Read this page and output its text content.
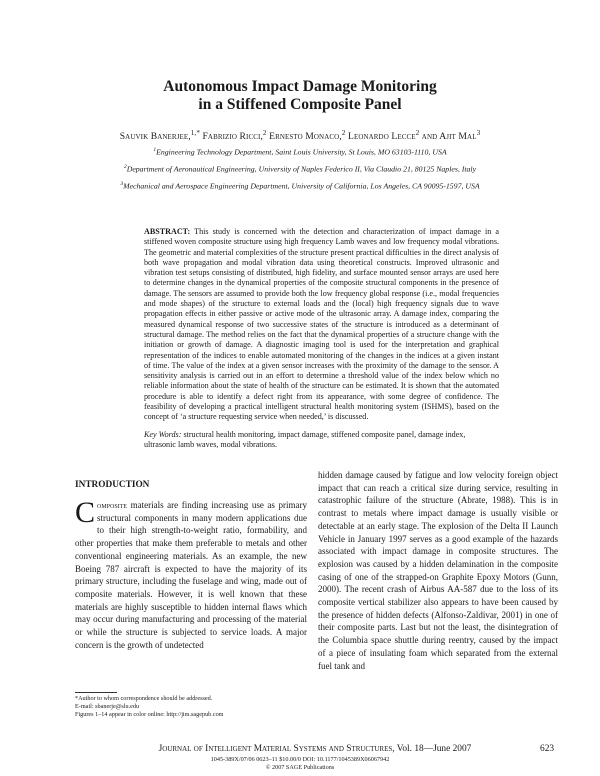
Autonomous Impact Damage Monitoring
in a Stiffened Composite Panel
Sauvik Banerjee,$^{1,*}$ Fabrizio Ricci,$^2$ Ernesto Monaco,$^2$ Leonardo Lecce$^2$ and Ajit Mal$^3$
$^1$Engineering Technology Department, Saint Louis University, St Louis, MO 63103-1110, USA
$^2$Department of Aeronautical Engineering, University of Naples Federico II, Via Claudio 21, 80125 Naples, Italy
$^3$Mechanical and Aerospace Engineering Department, University of California, Los Angeles, CA 90095-1597, USA
ABSTRACT: This study is concerned with the detection and characterization of impact damage in a stiffened woven composite structure using high frequency Lamb waves and low frequency modal vibrations. The geometric and material complexities of the structure present practical difficulties in the direct analysis of both wave propagation and modal vibration data using theoretical constructs. Improved ultrasonic and vibration test setups consisting of distributed, high fidelity, and surface mounted sensor arrays are used here to determine changes in the dynamical properties of the composite structural components in the presence of damage. The sensors are assumed to provide both the low frequency global response (i.e., modal frequencies and mode shapes) of the structure to external loads and the (local) high frequency signals due to wave propagation effects in either passive or active mode of the ultrasonic array. A damage index, comparing the measured dynamical response of two successive states of the structure is introduced as a determinant of structural damage. The method relies on the fact that the dynamical properties of a structure change with the initiation or growth of damage. A diagnostic imaging tool is used for the interpretation and graphical representation of the indices to enable automated monitoring of the changes in the indices at a given instant of time. The value of the index at a given sensor increases with the proximity of the damage to the sensor. A sensitivity analysis is carried out in an effort to determine a threshold value of the index below which no reliable information about the state of health of the structure can be estimated. It is shown that the automated procedure is able to identify a defect right from its appearance, with some degree of confidence. The feasibility of developing a practical intelligent structural health monitoring system (ISHMS), based on the concept of ‘a structure requesting service when needed,’ is discussed.
Key Words: structural health monitoring, impact damage, stiffened composite panel, damage index, ultrasonic lamb waves, modal vibrations.
INTRODUCTION
Composite materials are finding increasing use as primary structural components in many modern applications due to their high strength-to-weight ratio, formability, and other properties that make them preferable to metals and other conventional engineering materials. As an example, the new Boeing 787 aircraft is expected to have the majority of its primary structure, including the fuselage and wing, made out of composite materials. However, it is well known that these materials are highly susceptible to hidden internal flaws which may occur during manufacturing and processing of the material or while the structure is subjected to service loads. A major concern is the growth of undetected
hidden damage caused by fatigue and low velocity foreign object impact that can reach a critical size during service, resulting in catastrophic failure of the structure (Abrate, 1988). This is in contrast to metals where impact damage is usually visible or detectable at an early stage. The explosion of the Delta II Launch Vehicle in January 1997 serves as a good example of the hazards associated with impact damage in composite structures. The explosion was caused by a hidden delamination in the composite casing of one of the strapped-on Graphite Epoxy Motors (Gunn, 2000). The recent crash of Airbus AA-587 due to the loss of its composite vertical stabilizer also appears to have been caused by the presence of hidden defects (Alfonso-Zaldivar, 2001) in one of their composite parts. Last but not the least, the disintegration of the Columbia space shuttle during reentry, caused by the impact of a piece of insulating foam which separated from the external fuel tank and
*Author to whom correspondence should be addressed.
E-mail: sbanerje@slu.edu
Figures 1–14 appear in color online: http://jim.sagepub.com
Journal of Intelligent Material Systems and Structures, Vol. 18—June 2007	623
1045-389X/07/06 0623–11 $10.00/0 DOI: 10.1177/1045389X06067942
© 2007 SAGE Publications
